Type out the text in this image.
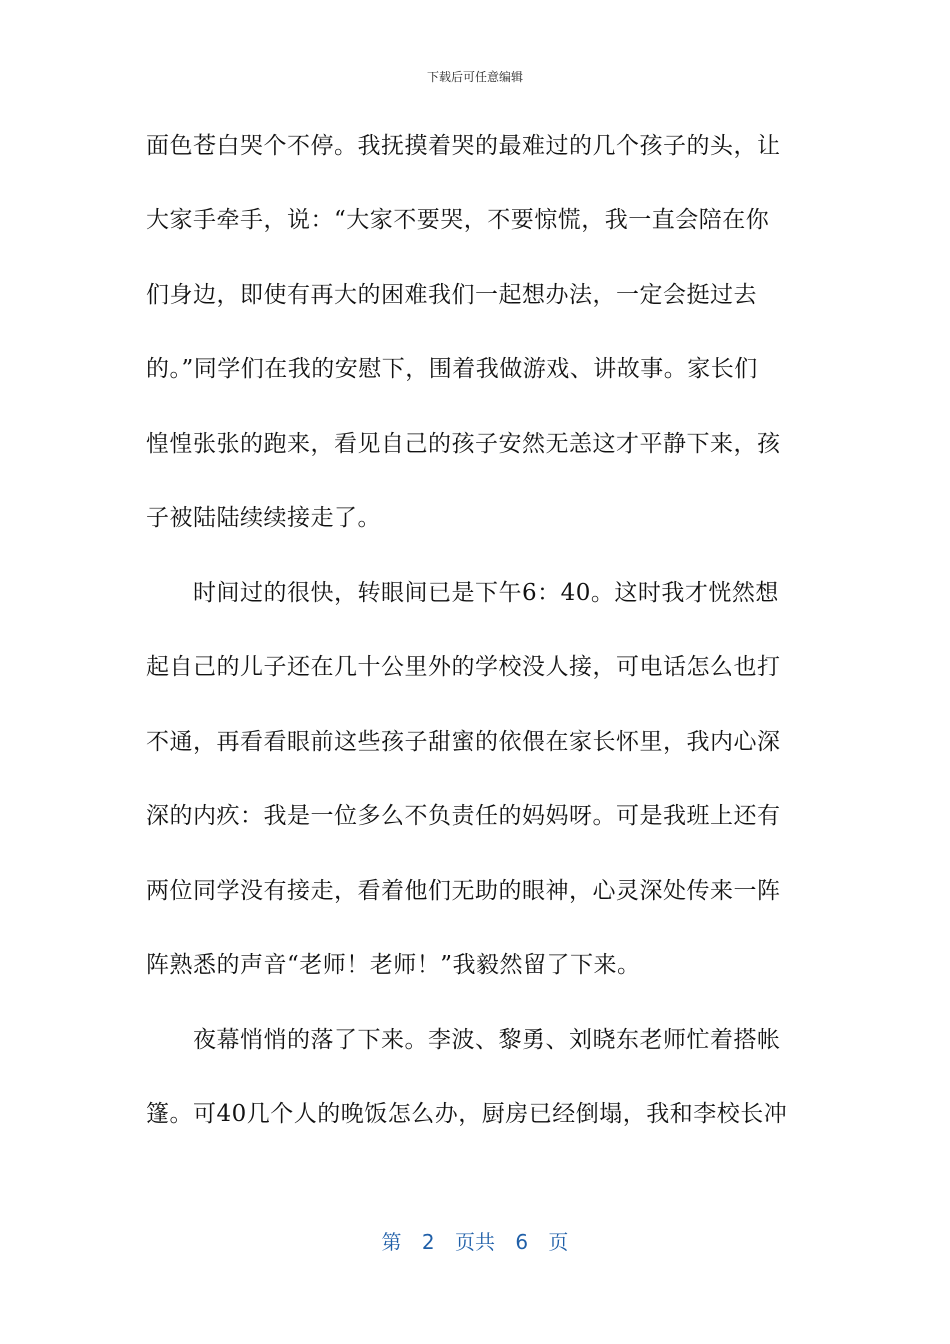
下载后可任意编辑
面色苍白哭个不停。我抚摸着哭的最难过的几个孩子的头，让
大家手牵手，说：“大家不要哭，不要惊慌，我一直会陪在你
们身边，即使有再大的困难我们一起想办法，一定会挺过去
的。”同学们在我的安慰下，围着我做游戏、讲故事。家长们
惶惶张张的跑来，看见自己的孩子安然无恙这才平静下来，孩
子被陆陆续续接走了。
　　时间过的很快，转眼间已是下午6：40。这时我才恍然想
起自己的儿子还在几十公里外的学校没人接，可电话怎么也打
不通，再看看眼前这些孩子甜蜜的依偎在家长怀里，我内心深
深的内疚：我是一位多么不负责任的妈妈呀。可是我班上还有
两位同学没有接走，看着他们无助的眼神，心灵深处传来一阵
阵熟悉的声音“老师！老师！”我毅然留了下来。
　　夜幕悄悄的落了下来。李波、黎勇、刘晓东老师忙着搭帐
篷。可40几个人的晚饭怎么办，厨房已经倒塌，我和李校长冲
第 2 页共 6 页
